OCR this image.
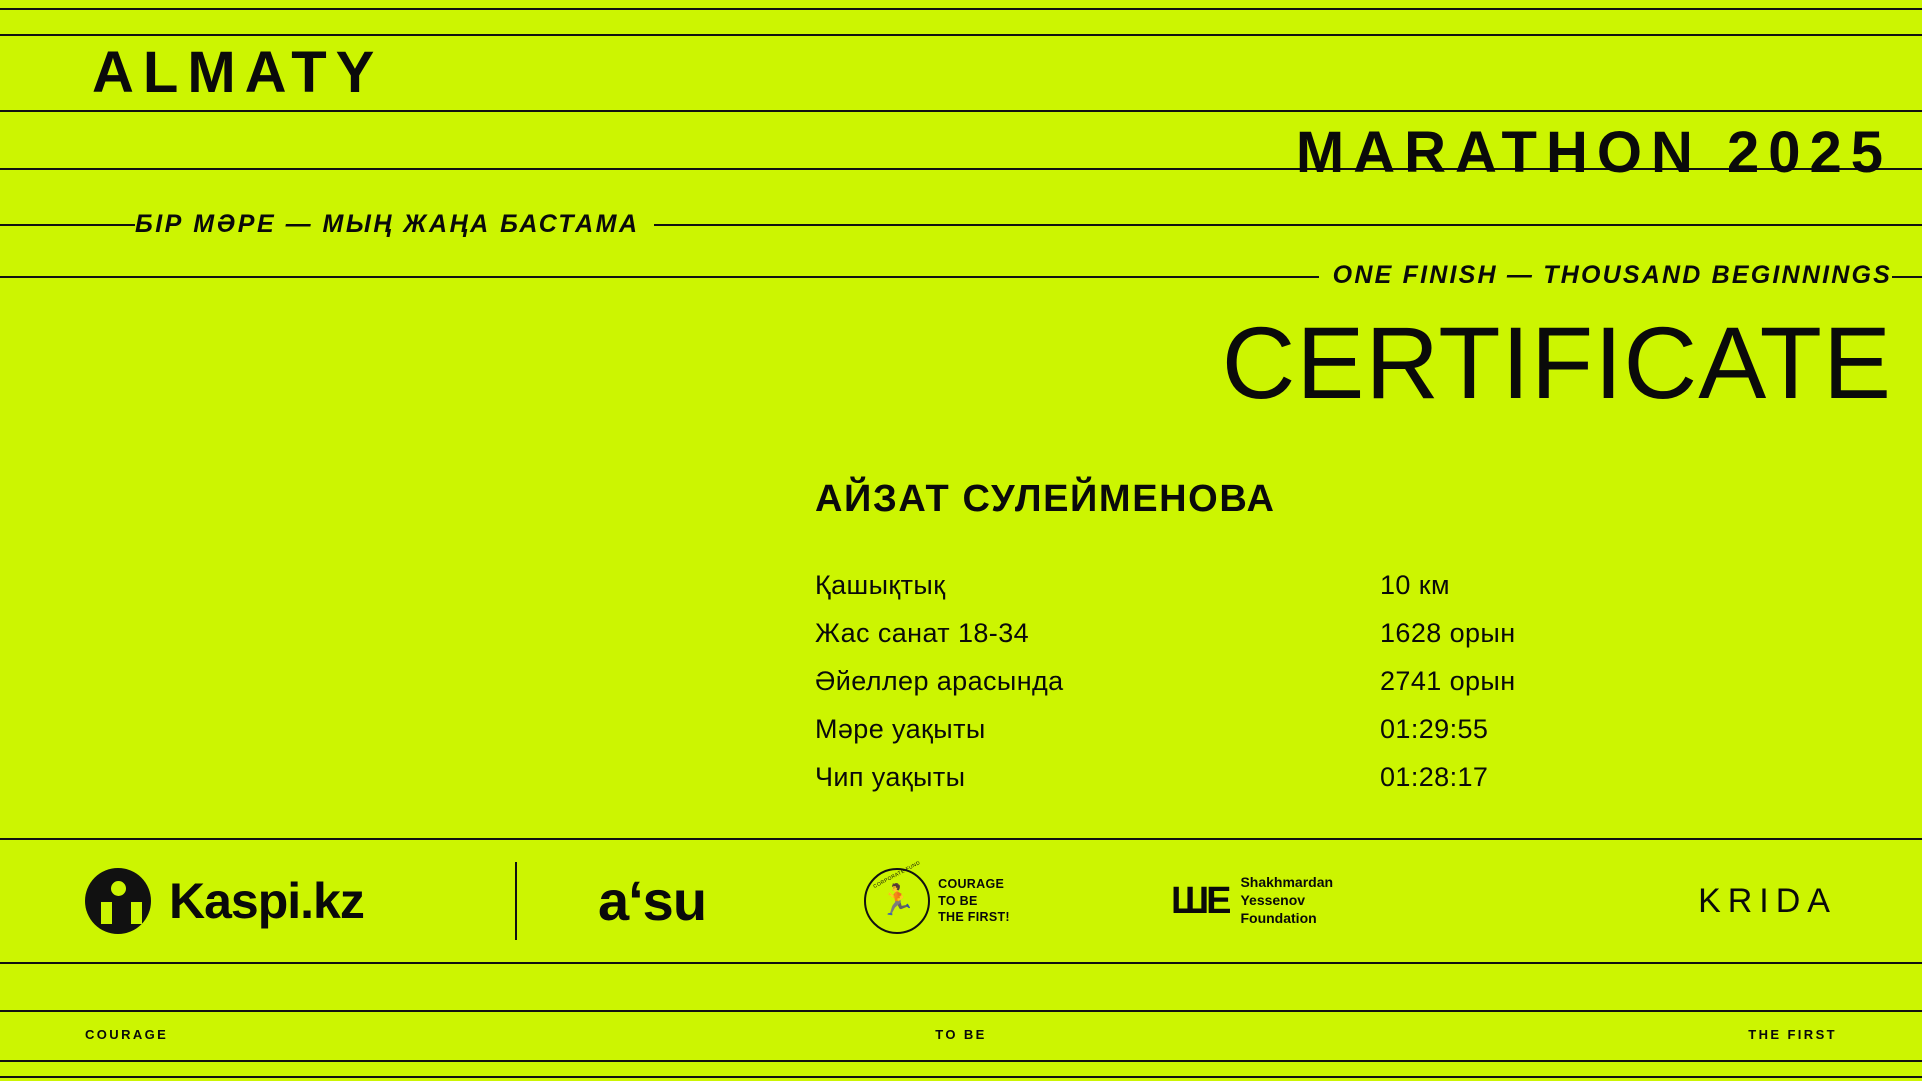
ALMATY
MARATHON 2025
БІР МӘРЕ — МЫҢ ЖАҢА БАСТАМА
ONE FINISH — THOUSAND BEGINNINGS
CERTIFICATE
АЙЗАТ СУЛЕЙМЕНОВА
Қашықтық	10 км
Жас санат 18-34	1628 орын
Әйеллер арасында	2741 орын
Мәре уақыты	01:29:55
Чип уақыты	01:28:17
Kaspi.kz	aʻsu	CORPORATE FUND
🏃
COURAGE
TO BE
THE FIRST!	ШЕ Shakhmardan
Yessenov
Foundation	KRIDA
COURAGE	TO BE	THE FIRST
